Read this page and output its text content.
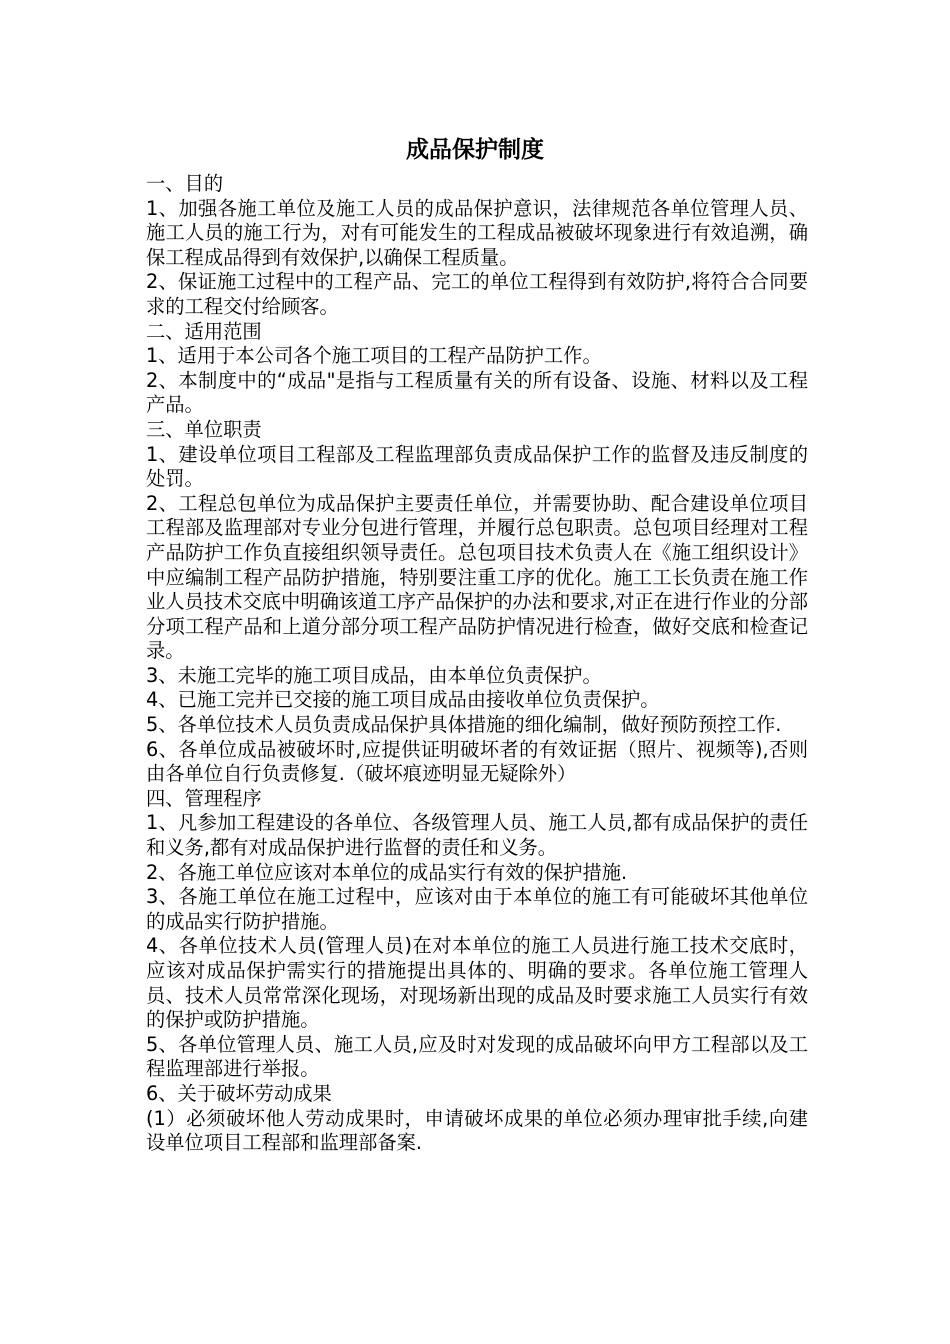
成品保护制度

一、目的

1、加强各施工单位及施工人员的成品保护意识，法律规范各单位管理人员、施工人员的施工行为，对有可能发生的工程成品被破坏现象进行有效追溯，确保工程成品得到有效保护,以确保工程质量。

2、保证施工过程中的工程产品、完工的单位工程得到有效防护,将符合合同要求的工程交付给顾客。

二、适用范围

1、适用于本公司各个施工项目的工程产品防护工作。

2、本制度中的“成品"是指与工程质量有关的所有设备、设施、材料以及工程产品。

三、单位职责

1、建设单位项目工程部及工程监理部负责成品保护工作的监督及违反制度的处罚。

2、工程总包单位为成品保护主要责任单位，并需要协助、配合建设单位项目工程部及监理部对专业分包进行管理，并履行总包职责。总包项目经理对工程产品防护工作负直接组织领导责任。总包项目技术负责人在《施工组织设计》中应编制工程产品防护措施，特别要注重工序的优化。施工工长负责在施工作业人员技术交底中明确该道工序产品保护的办法和要求,对正在进行作业的分部分项工程产品和上道分部分项工程产品防护情况进行检查，做好交底和检查记录。

3、未施工完毕的施工项目成品，由本单位负责保护。

4、已施工完并已交接的施工项目成品由接收单位负责保护。

5、各单位技术人员负责成品保护具体措施的细化编制，做好预防预控工作.

6、各单位成品被破坏时,应提供证明破坏者的有效证据（照片、视频等),否则由各单位自行负责修复.（破坏痕迹明显无疑除外）

四、管理程序

1、凡参加工程建设的各单位、各级管理人员、施工人员,都有成品保护的责任和义务,都有对成品保护进行监督的责任和义务。

2、各施工单位应该对本单位的成品实行有效的保护措施.

3、各施工单位在施工过程中，应该对由于本单位的施工有可能破坏其他单位的成品实行防护措施。

4、各单位技术人员(管理人员)在对本单位的施工人员进行施工技术交底时，应该对成品保护需实行的措施提出具体的、明确的要求。各单位施工管理人员、技术人员常常深化现场，对现场新出现的成品及时要求施工人员实行有效的保护或防护措施。

5、各单位管理人员、施工人员,应及时对发现的成品破坏向甲方工程部以及工程监理部进行举报。

6、关于破坏劳动成果

(1）必须破坏他人劳动成果时，申请破坏成果的单位必须办理审批手续,向建设单位项目工程部和监理部备案.
